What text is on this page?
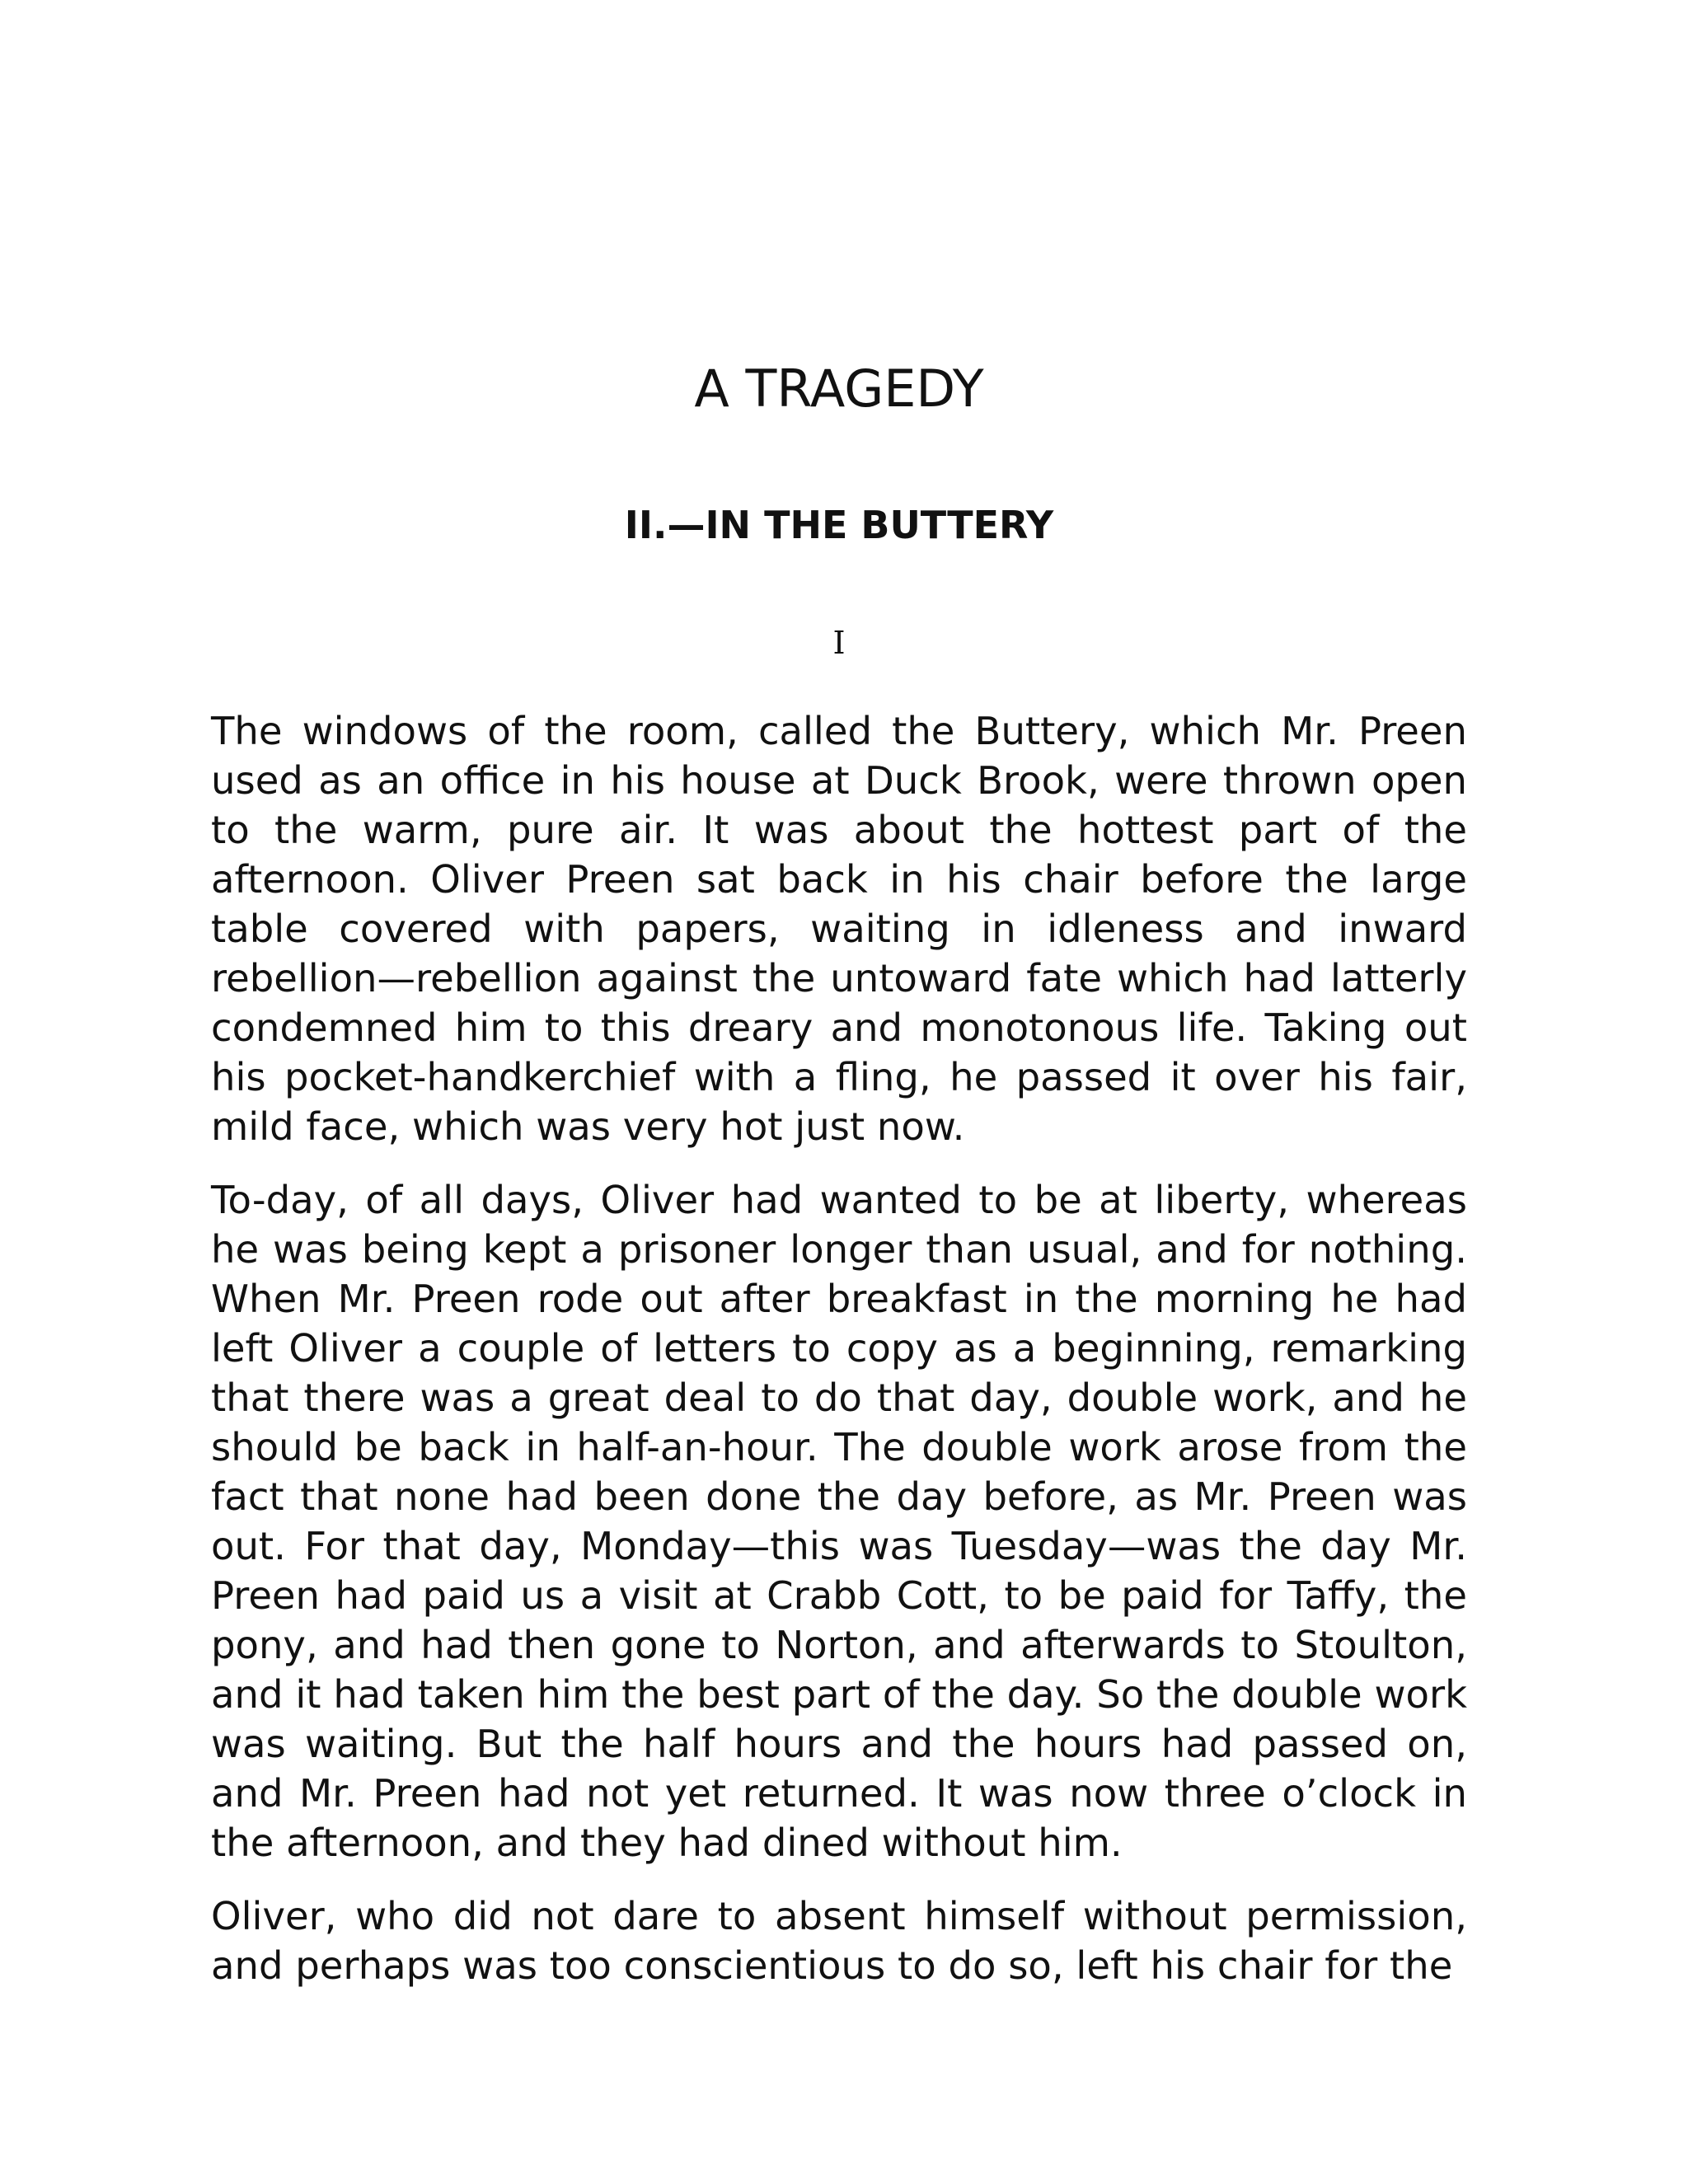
A TRAGEDY
II.—IN THE BUTTERY
I

The windows of the room, called the Buttery, which Mr. Preen used as an office in his house at Duck Brook, were thrown open to the warm, pure air. It was about the hottest part of the afternoon. Oliver Preen sat back in his chair before the large table covered with papers, waiting in idleness and inward rebellion—rebellion against the untoward fate which had latterly condemned him to this dreary and monotonous life. Taking out his pocket-handkerchief with a fling, he passed it over his fair, mild face, which was very hot just now.

To-day, of all days, Oliver had wanted to be at liberty, whereas he was being kept a prisoner longer than usual, and for nothing. When Mr. Preen rode out after breakfast in the morning he had left Oliver a couple of letters to copy as a beginning, remarking that there was a great deal to do that day, double work, and he should be back in half-an-hour. The double work arose from the fact that none had been done the day before, as Mr. Preen was out. For that day, Monday—this was Tuesday—was the day Mr. Preen had paid us a visit at Crabb Cott, to be paid for Taffy, the pony, and had then gone to Norton, and afterwards to Stoulton, and it had taken him the best part of the day. So the double work was waiting. But the half hours and the hours had passed on, and Mr. Preen had not yet returned. It was now three o’clock in the afternoon, and they had dined without him.

Oliver, who did not dare to absent himself without permission, and perhaps was too conscientious to do so, left his chair for the
